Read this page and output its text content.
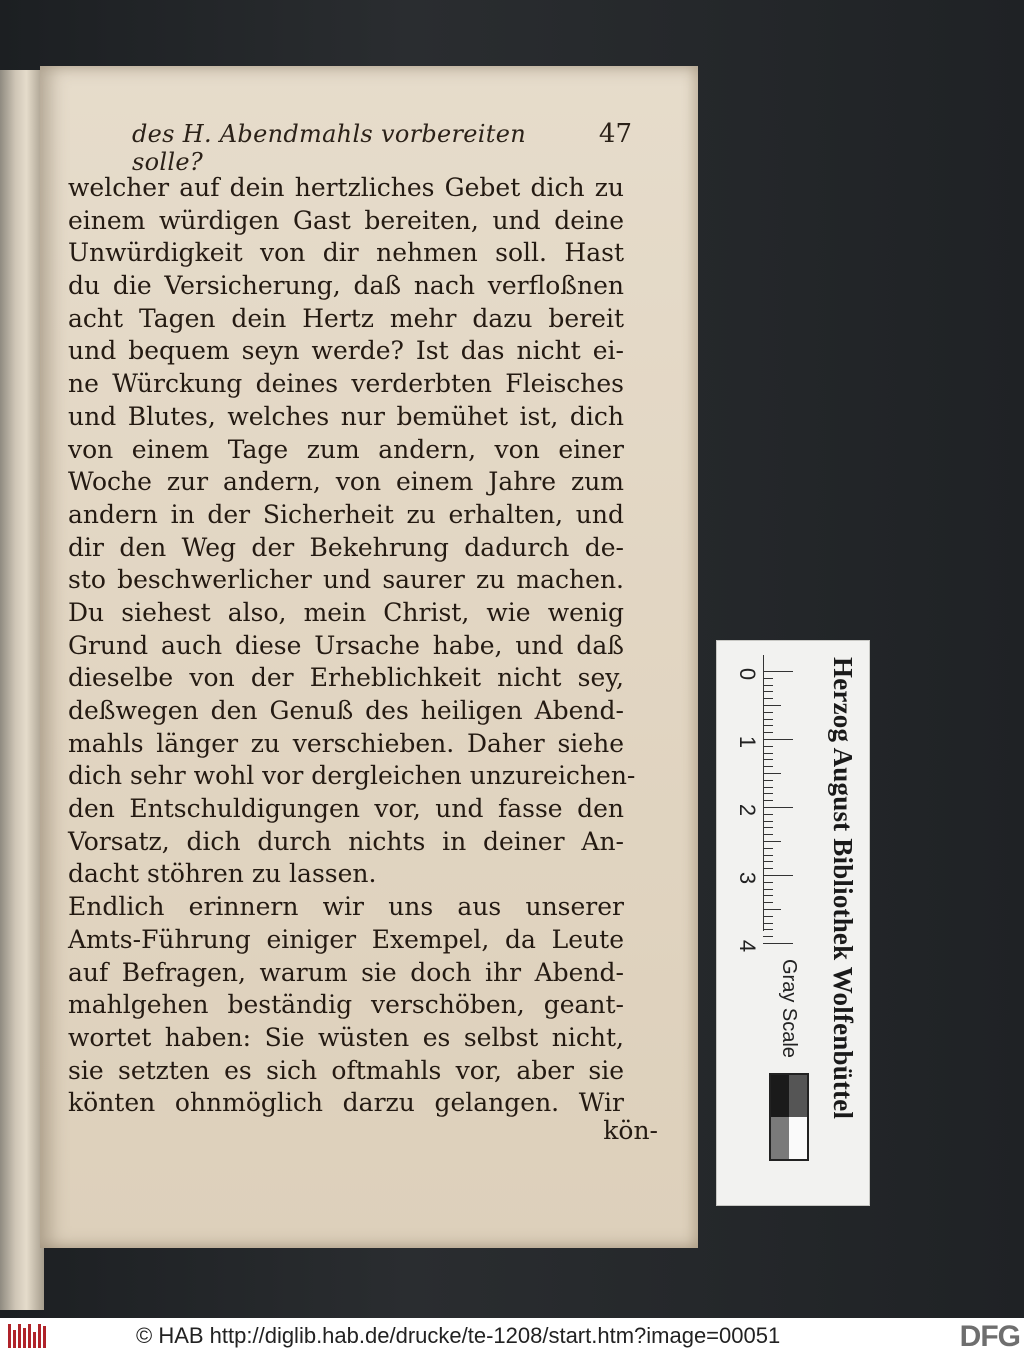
des H. Abendmahls vorbereiten solle?
47
welcher auf dein hertzliches Gebet dich zu
einem würdigen Gast bereiten, und deine
Unwürdigkeit von dir nehmen soll. Hast
du die Versicherung, daß nach verfloßnen
acht Tagen dein Hertz mehr dazu bereit
und bequem seyn werde? Ist das nicht ei-
ne Würckung deines verderbten Fleisches
und Blutes, welches nur bemühet ist, dich
von einem Tage zum andern, von einer
Woche zur andern, von einem Jahre zum
andern in der Sicherheit zu erhalten, und
dir den Weg der Bekehrung dadurch de-
sto beschwerlicher und saurer zu machen.
Du siehest also, mein Christ, wie wenig
Grund auch diese Ursache habe, und daß
dieselbe von der Erheblichkeit nicht sey,
deßwegen den Genuß des heiligen Abend-
mahls länger zu verschieben. Daher siehe
dich sehr wohl vor dergleichen unzureichen-
den Entschuldigungen vor, und fasse den
Vorsatz, dich durch nichts in deiner An-
dacht stöhren zu lassen.
Endlich erinnern wir uns aus unserer
Amts-Führung einiger Exempel, da Leute
auf Befragen, warum sie doch ihr Abend-
mahlgehen beständig verschöben, geant-
wortet haben: Sie wüsten es selbst nicht,
sie setzten es sich oftmahls vor, aber sie
könten ohnmöglich darzu gelangen. Wir
kön-
0
1
2
3
4
Gray Scale	Herzog August Bibliothek Wolfenbüttel
© HAB http://diglib.hab.de/drucke/te-1208/start.htm?image=00051	DFG
